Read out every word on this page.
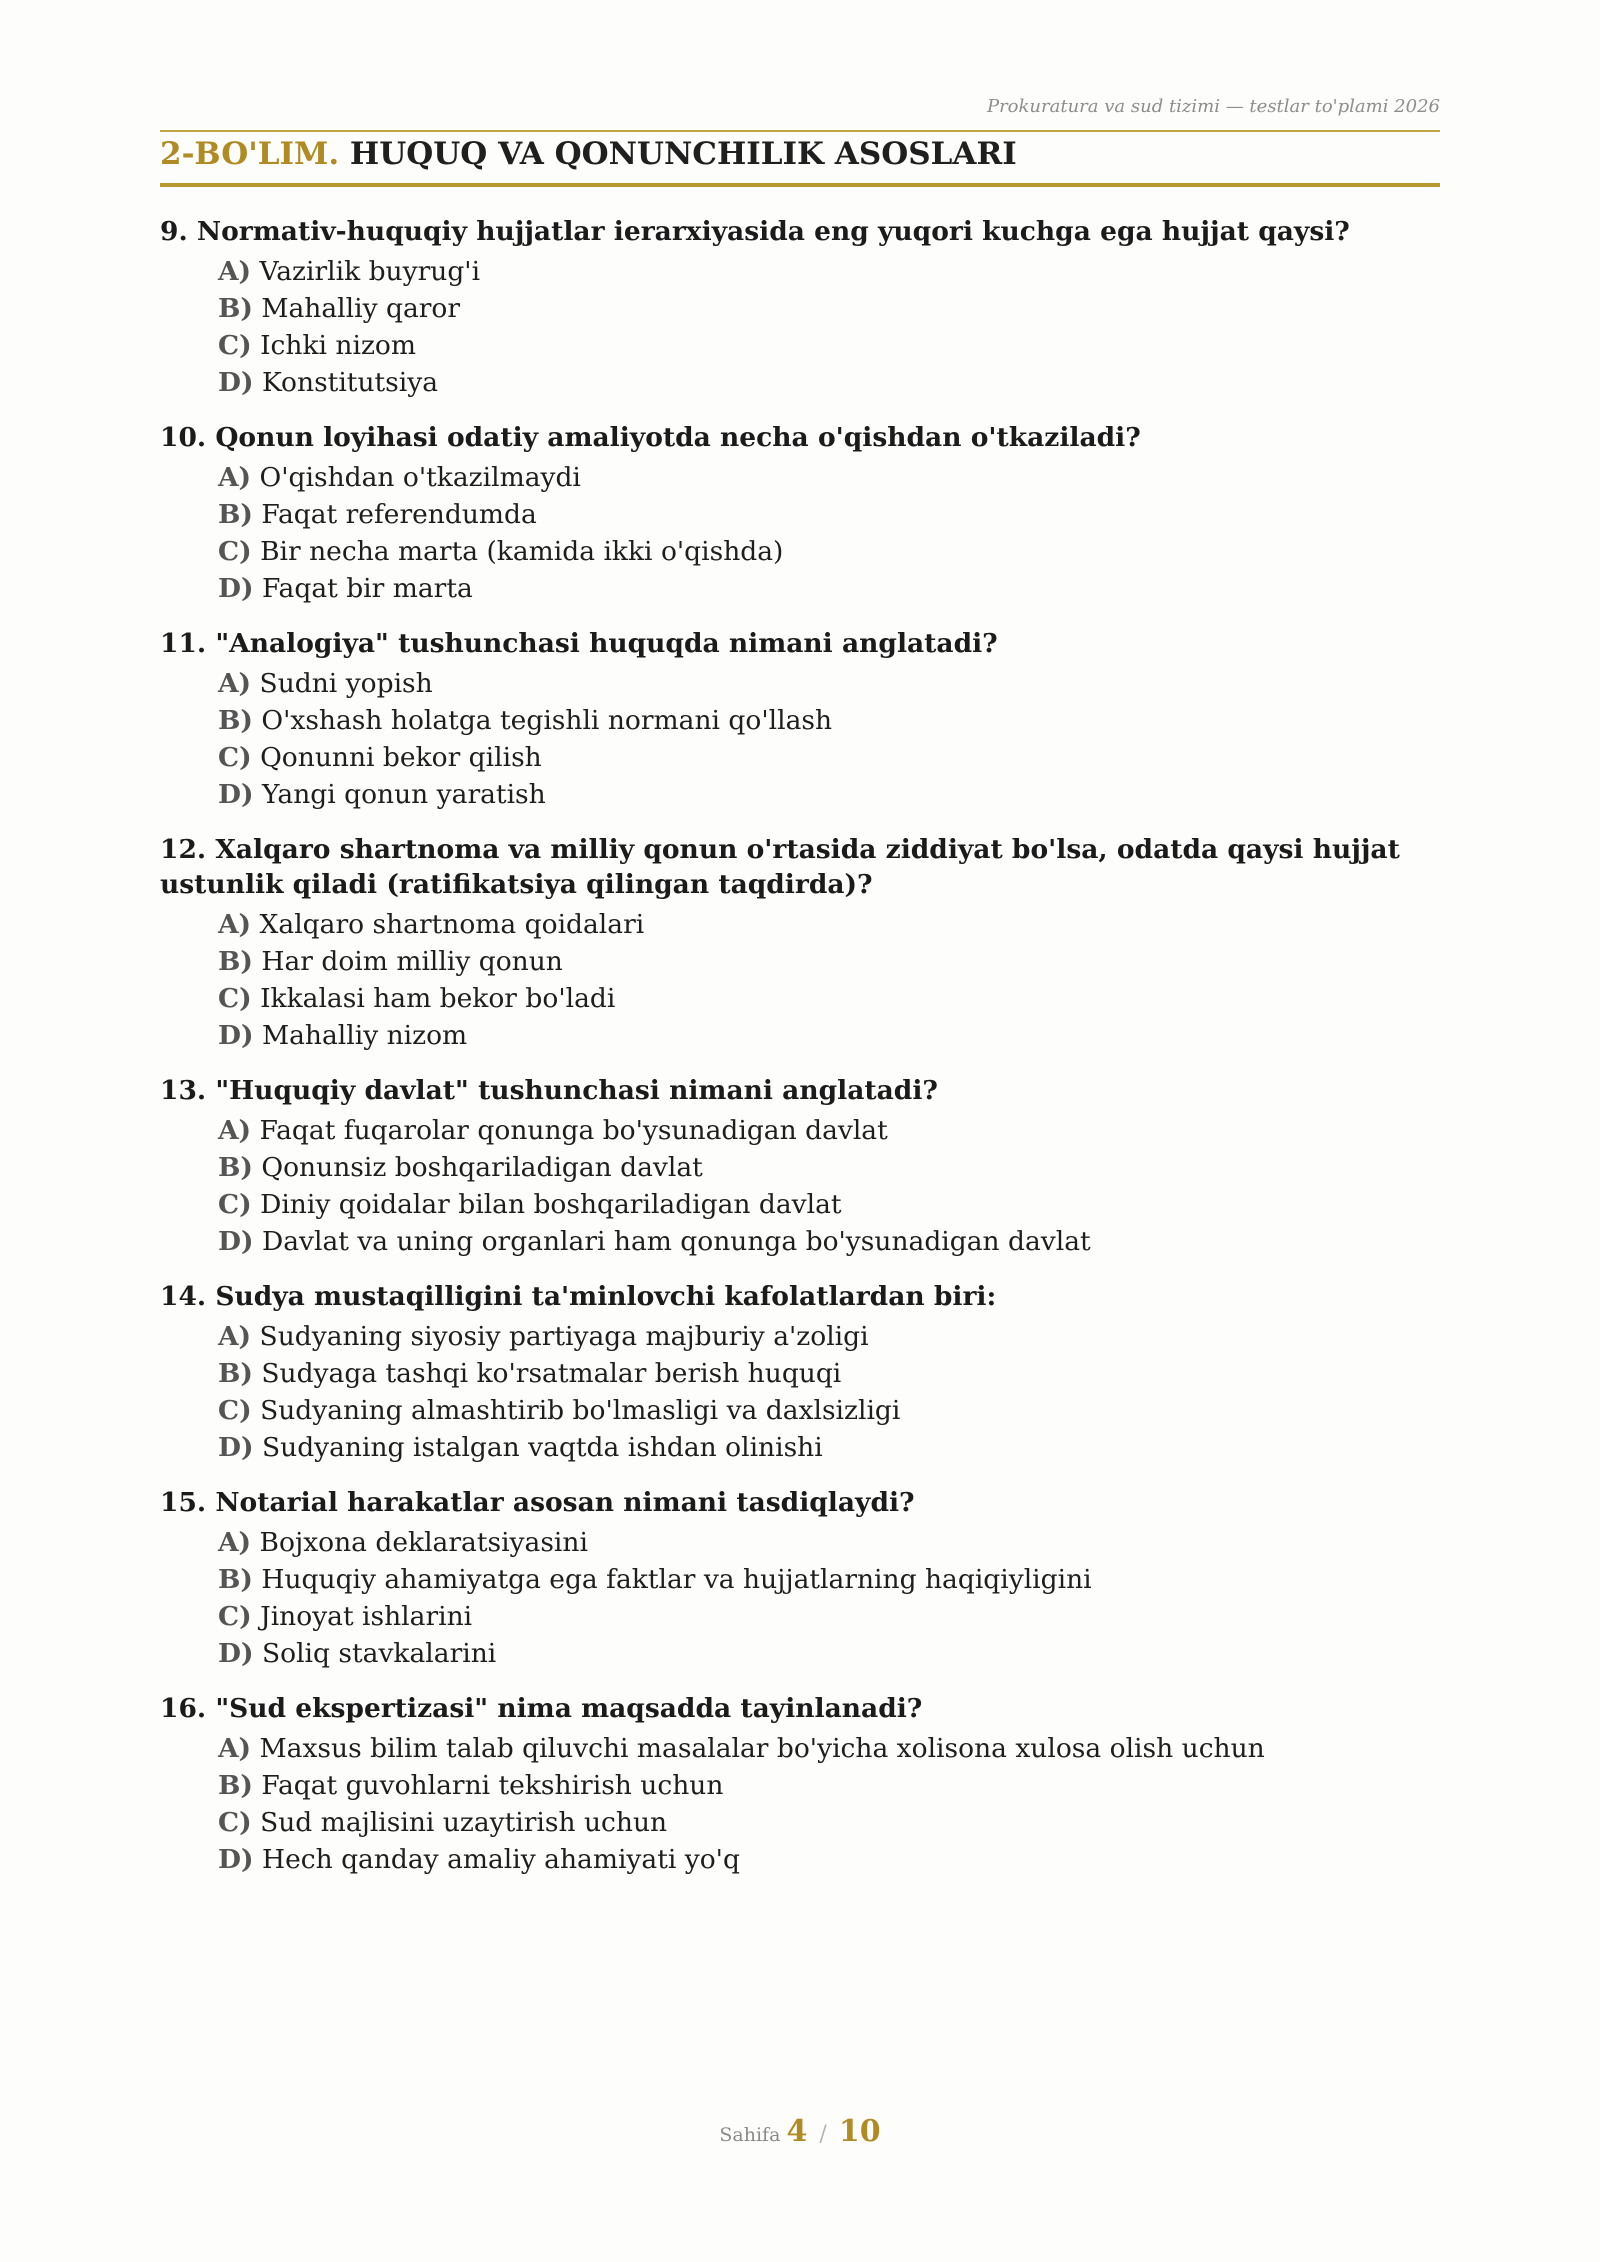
Prokuratura va sud tizimi — testlar to'plami 2026
2-BO'LIM. HUQUQ VA QONUNCHILIK ASOSLARI
9. Normativ-huquqiy hujjatlar ierarxiyasida eng yuqori kuchga ega hujjat qaysi?
A) Vazirlik buyrug'i
B) Mahalliy qaror
C) Ichki nizom
D) Konstitutsiya
10. Qonun loyihasi odatiy amaliyotda necha o'qishdan o'tkaziladi?
A) O'qishdan o'tkazilmaydi
B) Faqat referendumda
C) Bir necha marta (kamida ikki o'qishda)
D) Faqat bir marta
11. "Analogiya" tushunchasi huquqda nimani anglatadi?
A) Sudni yopish
B) O'xshash holatga tegishli normani qo'llash
C) Qonunni bekor qilish
D) Yangi qonun yaratish
12. Xalqaro shartnoma va milliy qonun o'rtasida ziddiyat bo'lsa, odatda qaysi hujjat ustunlik qiladi (ratifikatsiya qilingan taqdirda)?
A) Xalqaro shartnoma qoidalari
B) Har doim milliy qonun
C) Ikkalasi ham bekor bo'ladi
D) Mahalliy nizom
13. "Huquqiy davlat" tushunchasi nimani anglatadi?
A) Faqat fuqarolar qonunga bo'ysunadigan davlat
B) Qonunsiz boshqariladigan davlat
C) Diniy qoidalar bilan boshqariladigan davlat
D) Davlat va uning organlari ham qonunga bo'ysunadigan davlat
14. Sudya mustaqilligini ta'minlovchi kafolatlardan biri:
A) Sudyaning siyosiy partiyaga majburiy a'zoligi
B) Sudyaga tashqi ko'rsatmalar berish huquqi
C) Sudyaning almashtirib bo'lmasligi va daxlsizligi
D) Sudyaning istalgan vaqtda ishdan olinishi
15. Notarial harakatlar asosan nimani tasdiqlaydi?
A) Bojxona deklaratsiyasini
B) Huquqiy ahamiyatga ega faktlar va hujjatlarning haqiqiyligini
C) Jinoyat ishlarini
D) Soliq stavkalarini
16. "Sud ekspertizasi" nima maqsadda tayinlanadi?
A) Maxsus bilim talab qiluvchi masalalar bo'yicha xolisona xulosa olish uchun
B) Faqat guvohlarni tekshirish uchun
C) Sud majlisini uzaytirish uchun
D) Hech qanday amaliy ahamiyati yo'q
Sahifa 4 / 10
